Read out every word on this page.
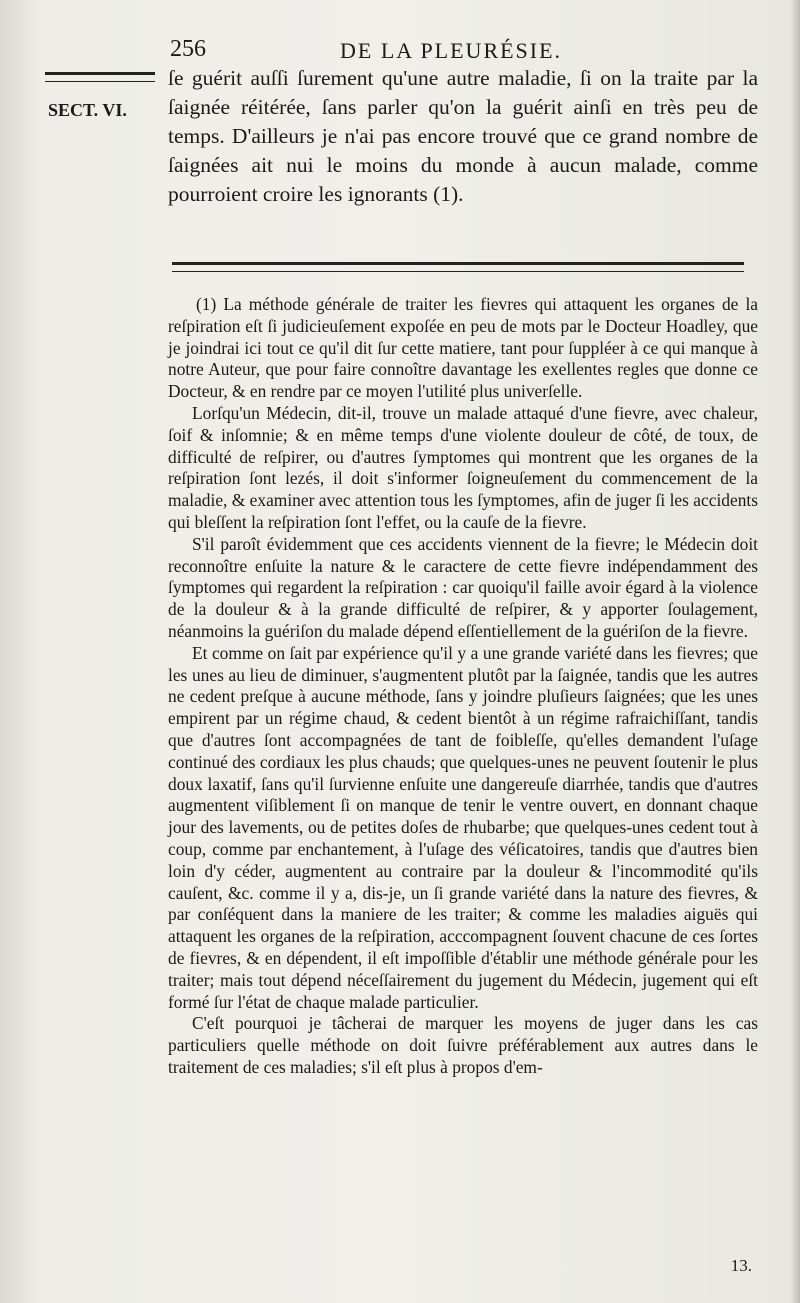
256	DE LA PLEURÉSIE.
SECT. VI.

ſe guérit auſſi ſurement qu'une autre maladie, ſi on la traite par la ſaignée réitérée, ſans parler qu'on la guérit ainſi en très peu de temps. D'ailleurs je n'ai pas encore trouvé que ce grand nombre de ſaignées ait nui le moins du monde à aucun malade, comme pourroient croire les ignorants (1).

(1) La méthode générale de traiter les fievres qui attaquent les organes de la reſpiration eſt ſi judicieuſement expoſée en peu de mots par le Docteur Hoadley, que je joindrai ici tout ce qu'il dit ſur cette matiere, tant pour ſuppléer à ce qui manque à notre Auteur, que pour faire connoître davantage les exellentes regles que donne ce Docteur, & en rendre par ce moyen l'utilité plus univerſelle.

Lorſqu'un Médecin, dit-il, trouve un malade attaqué d'une fievre, avec chaleur, ſoif & inſomnie; & en même temps d'une violente douleur de côté, de toux, de difficulté de reſpirer, ou d'autres ſymptomes qui montrent que les organes de la reſpiration ſont lezés, il doit s'informer ſoigneuſement du commencement de la maladie, & examiner avec attention tous les ſymptomes, afin de juger ſi les accidents qui bleſſent la reſpiration ſont l'effet, ou la cauſe de la fievre.

S'il paroît évidemment que ces accidents viennent de la fievre; le Médecin doit reconnoître enſuite la nature & le caractere de cette fievre indépendamment des ſymptomes qui regardent la reſpiration : car quoiqu'il faille avoir égard à la violence de la douleur & à la grande difficulté de reſpirer, & y apporter ſoulagement, néanmoins la guériſon du malade dépend eſſentiellement de la guériſon de la fievre.

Et comme on ſait par expérience qu'il y a une grande variété dans les fievres; que les unes au lieu de diminuer, s'augmentent plutôt par la ſaignée, tandis que les autres ne cedent preſque à aucune méthode, ſans y joindre pluſieurs ſaignées; que les unes empirent par un régime chaud, & cedent bientôt à un régime rafraichiſſant, tandis que d'autres ſont accompagnées de tant de foibleſſe, qu'elles demandent l'uſage continué des cordiaux les plus chauds; que quelques-unes ne peuvent ſoutenir le plus doux laxatif, ſans qu'il ſurvienne enſuite une dangereuſe diarrhée, tandis que d'autres augmentent viſiblement ſi on manque de tenir le ventre ouvert, en donnant chaque jour des lavements, ou de petites doſes de rhubarbe; que quelques-unes cedent tout à coup, comme par enchantement, à l'uſage des véſicatoires, tandis que d'autres bien loin d'y céder, augmentent au contraire par la douleur & l'incommodité qu'ils cauſent, &c. comme il y a, dis-je, un ſi grande variété dans la nature des fievres, & par conſéquent dans la maniere de les traiter; & comme les maladies aiguës qui attaquent les organes de la reſpiration, acccompagnent ſouvent chacune de ces ſortes de fievres, & en dépendent, il eſt impoſſible d'établir une méthode générale pour les traiter; mais tout dépend néceſſairement du jugement du Médecin, jugement qui eſt formé ſur l'état de chaque malade particulier.

C'eſt pourquoi je tâcherai de marquer les moyens de juger dans les cas particuliers quelle méthode on doit ſuivre préférablement aux autres dans le traitement de ces maladies; s'il eſt plus à propos d'em-

13.
